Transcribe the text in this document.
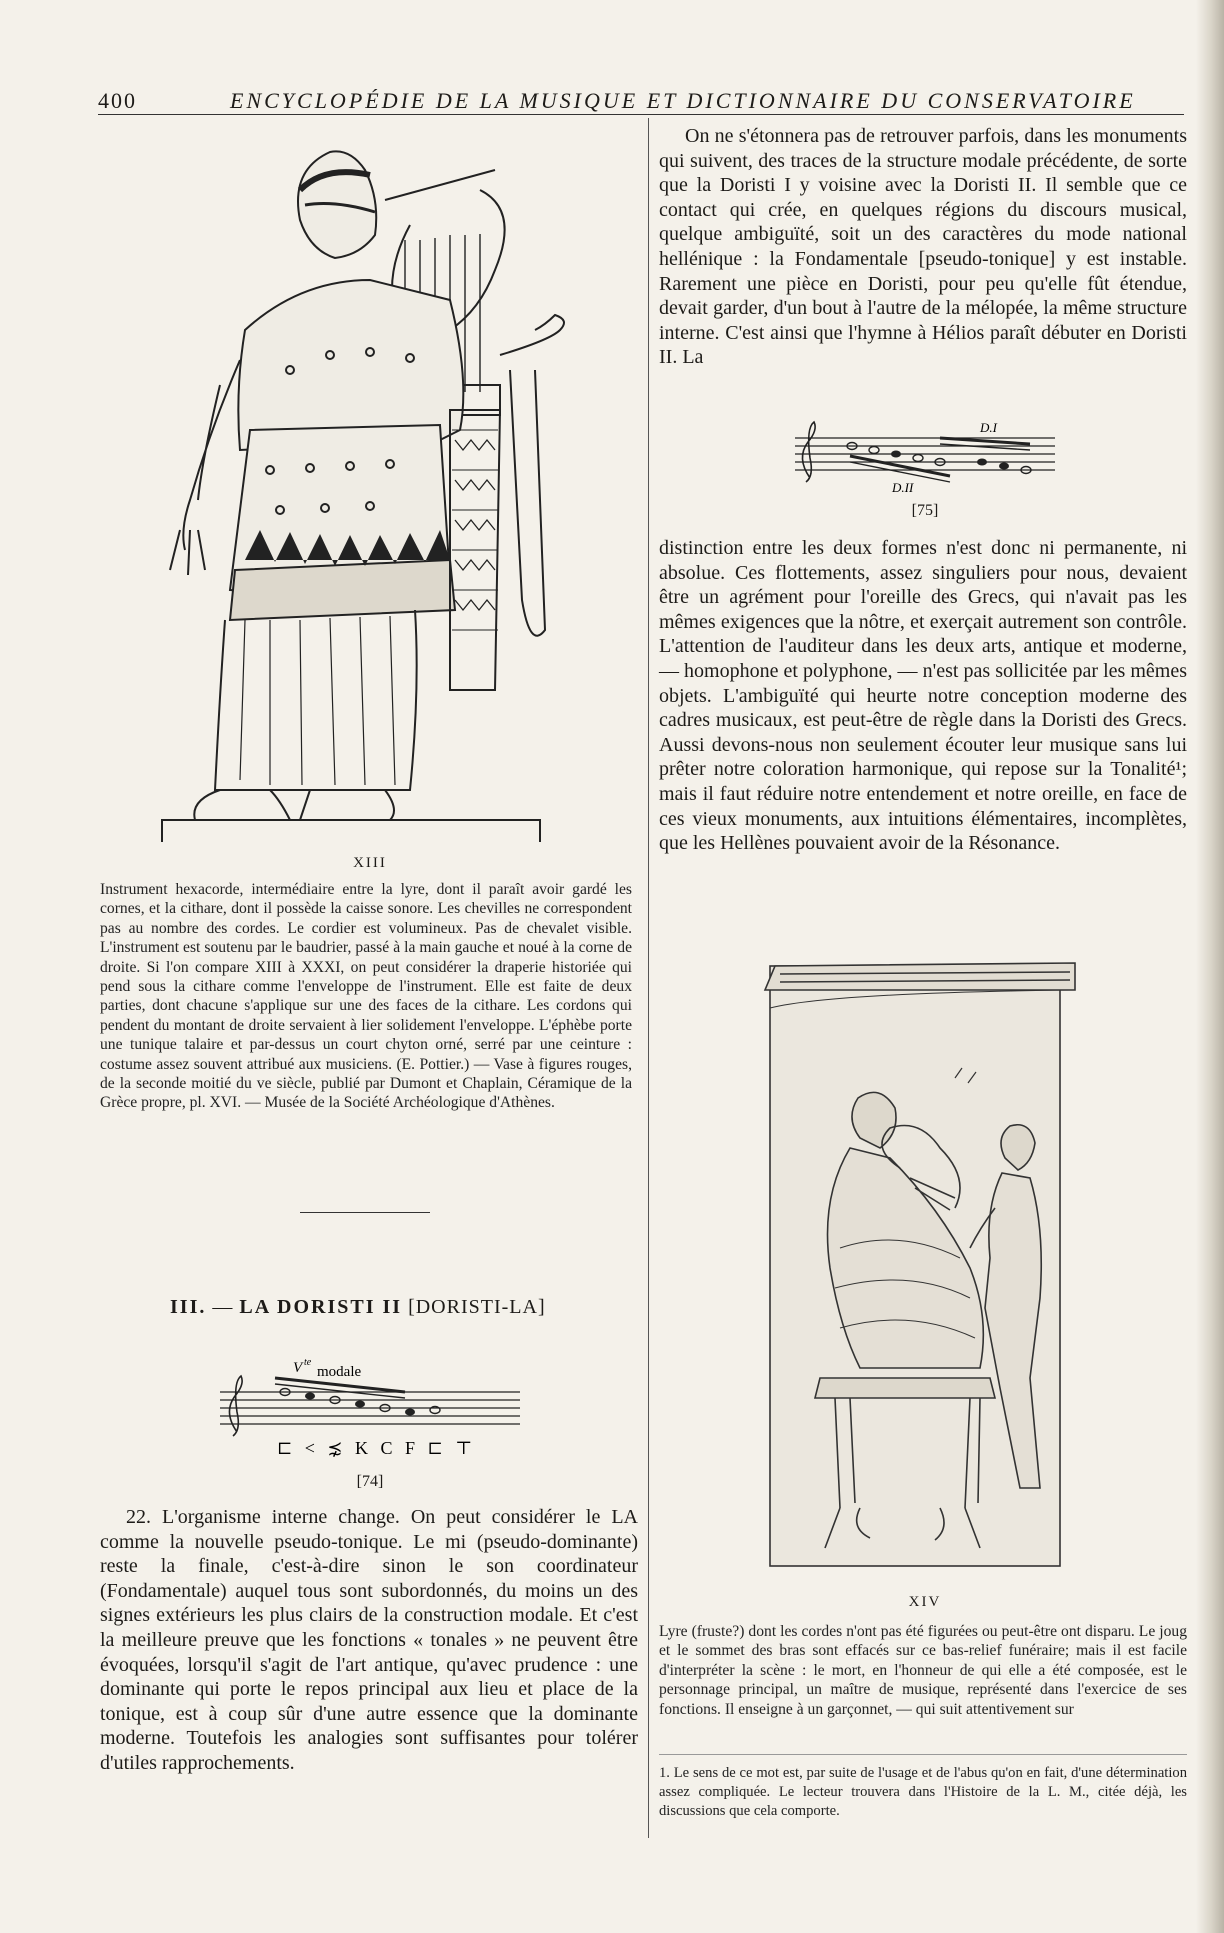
400	ENCYCLOPÉDIE DE LA MUSIQUE ET DICTIONNAIRE DU CONSERVATOIRE
XIII
Instrument hexacorde, intermédiaire entre la lyre, dont il paraît avoir gardé les cornes, et la cithare, dont il possède la caisse sonore. Les chevilles ne correspondent pas au nombre des cordes. Le cordier est volumineux. Pas de chevalet visible. L'instrument est soutenu par le baudrier, passé à la main gauche et noué à la corne de droite. Si l'on compare XIII à XXXI, on peut considérer la draperie historiée qui pend sous la cithare comme l'enveloppe de l'instrument. Elle est faite de deux parties, dont chacune s'applique sur une des faces de la cithare. Les cordons qui pendent du montant de droite servaient à lier solidement l'enveloppe. L'éphèbe porte une tunique talaire et par-dessus un court chyton orné, serré par une ceinture : costume assez souvent attribué aux musiciens. (E. Pottier.) — Vase à figures rouges, de la seconde moitié du ve siècle, publié par Dumont et Chaplain, Céramique de la Grèce propre, pl. XVI. — Musée de la Société Archéologique d'Athènes.
III. — LA DORISTI II [DORISTI-LA]
V te
modale
⊏ < ⋨ K C F ⊏ ⊤
[74]

22. L'organisme interne change. On peut considérer le LA comme la nouvelle pseudo-tonique. Le mi (pseudo-dominante) reste la finale, c'est-à-dire sinon le son coordinateur (Fondamentale) auquel tous sont subordonnés, du moins un des signes extérieurs les plus clairs de la construction modale. Et c'est la meilleure preuve que les fonctions « tonales » ne peuvent être évoquées, lorsqu'il s'agit de l'art antique, qu'avec prudence : une dominante qui porte le repos principal aux lieu et place de la tonique, est à coup sûr d'une autre essence que la dominante moderne. Toutefois les analogies sont suffisantes pour tolérer d'utiles rapprochements.

On ne s'étonnera pas de retrouver parfois, dans les monuments qui suivent, des traces de la structure modale précédente, de sorte que la Doristi I y voisine avec la Doristi II. Il semble que ce contact qui crée, en quelques régions du discours musical, quelque ambiguïté, soit un des caractères du mode national hellénique : la Fondamentale [pseudo-tonique] y est instable. Rarement une pièce en Doristi, pour peu qu'elle fût étendue, devait garder, d'un bout à l'autre de la mélopée, la même structure interne. C'est ainsi que l'hymne à Hélios paraît débuter en Doristi II. La

D.I
D.II
[75]

distinction entre les deux formes n'est donc ni permanente, ni absolue. Ces flottements, assez singuliers pour nous, devaient être un agrément pour l'oreille des Grecs, qui n'avait pas les mêmes exigences que la nôtre, et exerçait autrement son contrôle. L'attention de l'auditeur dans les deux arts, antique et moderne, — homophone et polyphone, — n'est pas sollicitée par les mêmes objets. L'ambiguïté qui heurte notre conception moderne des cadres musicaux, est peut-être de règle dans la Doristi des Grecs. Aussi devons-nous non seulement écouter leur musique sans lui prêter notre coloration harmonique, qui repose sur la Tonalité¹; mais il faut réduire notre entendement et notre oreille, en face de ces vieux monuments, aux intuitions élémentaires, incomplètes, que les Hellènes pouvaient avoir de la Résonance.

XIV
Lyre (fruste?) dont les cordes n'ont pas été figurées ou peut-être ont disparu. Le joug et le sommet des bras sont effacés sur ce bas-relief funéraire; mais il est facile d'interpréter la scène : le mort, en l'honneur de qui elle a été composée, est le personnage principal, un maître de musique, représenté dans l'exercice de ses fonctions. Il enseigne à un garçonnet, — qui suit attentivement sur
1. Le sens de ce mot est, par suite de l'usage et de l'abus qu'on en fait, d'une détermination assez compliquée. Le lecteur trouvera dans l'Histoire de la L. M., citée déjà, les discussions que cela comporte.
